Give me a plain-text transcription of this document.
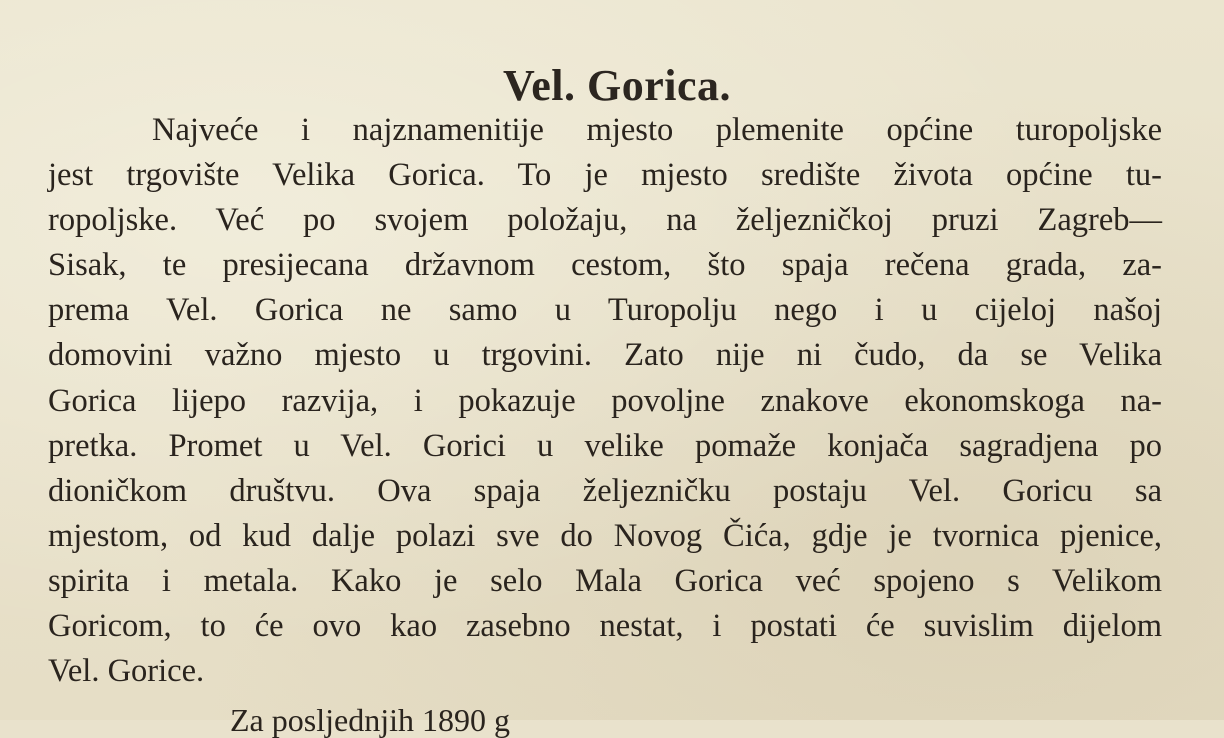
Vel. Gorica.
Najveće i najznamenitije mjesto plemenite općine turopoljske
jest trgovište Velika Gorica. To je mjesto središte života općine tu-
ropoljske. Već po svojem položaju, na željezničkoj pruzi Zagreb—
Sisak, te presijecana državnom cestom, što spaja rečena grada, za-
prema Vel. Gorica ne samo u Turopolju nego i u cijeloj našoj
domovini važno mjesto u trgovini. Zato nije ni čudo, da se Velika
Gorica lijepo razvija, i pokazuje povoljne znakove ekonomskoga na-
pretka. Promet u Vel. Gorici u velike pomaže konjača sagradjena po
dioničkom društvu. Ova spaja željezničku postaju Vel. Goricu sa
mjestom, od kud dalje polazi sve do Novog Čića, gdje je tvornica pjenice,
spirita i metala. Kako je selo Mala Gorica već spojeno s Velikom
Goricom, to će ovo kao zasebno nestat, i postati će suvislim dijelom
Vel. Gorice.
Za posljednjih 1890 g
